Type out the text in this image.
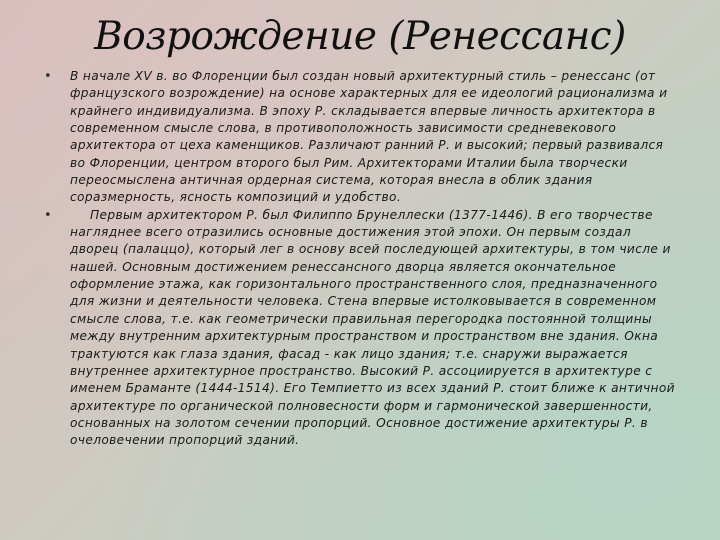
Возрождение (Ренессанс)
• В начале XV в. во Флоренции был создан новый архитектурный стиль – ренессанс (от французского возрождение) на основе характерных для ее идеологий рационализма и крайнего индивидуализма. В эпоху Р. складывается впервые личность архитектора в современном смысле слова, в противоположность зависимости средневекового архитектора от цеха каменщиков. Различают ранний Р. и высокий; первый развивался во Флоренции, центром второго был Рим. Архитекторами Италии была творчески переосмыслена античная ордерная система, которая внесла в облик здания соразмерность, ясность композиций и удобство.
•	Первым архитектором Р. был Филиппо Брунеллески (1377-1446). В его творчестве нагляднее всего отразились основные достижения этой эпохи. Он первым создал дворец (палаццо), который лег в основу всей последующей архитектуры, в том числе и нашей. Основным достижением ренессансного дворца является окончательное оформление этажа, как горизонтального пространственного слоя, предназначенного для жизни и деятельности человека. Стена впервые истолковывается в современном смысле слова, т.е. как геометрически правильная перегородка постоянной толщины между внутренним архитектурным пространством и пространством вне здания. Окна трактуются как глаза здания, фасад - как лицо здания; т.е. снаружи выражается внутреннее архитектурное пространство. Высокий Р. ассоциируется в архитектуре с именем Браманте (1444-1514). Его Темпиетто из всех зданий Р. стоит ближе к античной архитектуре по органической полновесности форм и гармонической завершенности, основанных на золотом сечении пропорций. Основное достижение архитектуры Р. в очеловечении пропорций зданий.
